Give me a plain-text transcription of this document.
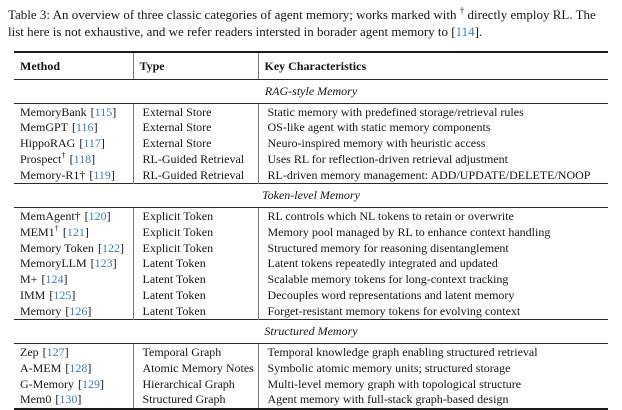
Table 3: An overview of three classic categories of agent memory; works marked with † directly employ RL. The list here is not exhaustive, and we refer readers intersted in borader agent memory to [114].

Method	Type	Key Characteristics
RAG-style Memory		
MemoryBank [115]	External Store	Static memory with predefined storage/retrieval rules
MemGPT [116]	External Store	OS-like agent with static memory components
HippoRAG [117]	External Store	Neuro-inspired memory with heuristic access
Prospect† [118]	RL-Guided Retrieval	Uses RL for reflection-driven retrieval adjustment
Memory-R1† [119]	RL-Guided Retrieval	RL-driven memory management: ADD/UPDATE/DELETE/NOOP
Token-level Memory		
MemAgent† [120]	Explicit Token	RL controls which NL tokens to retain or overwrite
MEM1† [121]	Explicit Token	Memory pool managed by RL to enhance context handling
Memory Token [122]	Explicit Token	Structured memory for reasoning disentanglement
MemoryLLM [123]	Latent Token	Latent tokens repeatedly integrated and updated
M+ [124]	Latent Token	Scalable memory tokens for long-context tracking
IMM [125]	Latent Token	Decouples word representations and latent memory
Memory [126]	Latent Token	Forget-resistant memory tokens for evolving context
Structured Memory		
Zep [127]	Temporal Graph	Temporal knowledge graph enabling structured retrieval
A-MEM [128]	Atomic Memory Notes	Symbolic atomic memory units; structured storage
G-Memory [129]	Hierarchical Graph	Multi-level memory graph with topological structure
Mem0 [130]	Structured Graph	Agent memory with full-stack graph-based design
